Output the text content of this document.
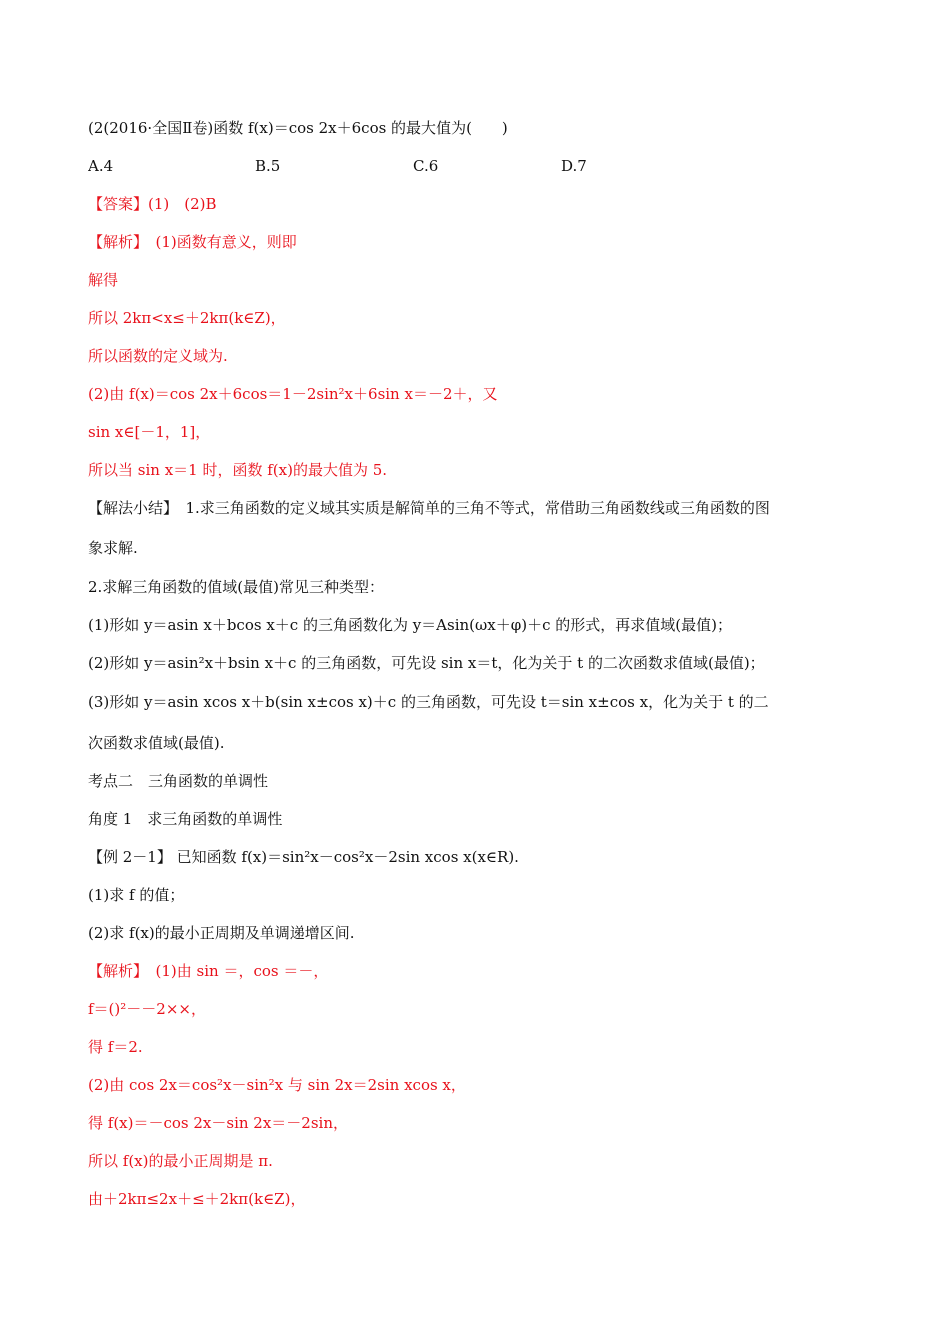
(2(2016·全国Ⅱ卷)函数 f(x)＝cos 2x＋6cos 的最大值为(　　)
A.4	B.5	C.6	D.7
【答案】(1)　(2)B
【解析】　(1)函数有意义，则即
解得
所以 2kπ<x≤＋2kπ(k∈Z)，
所以函数的定义域为.
(2)由 f(x)＝cos 2x＋6cos＝1－2sin²x＋6sin x＝－2＋，又
sin x∈[－1，1]，
所以当 sin x＝1 时，函数 f(x)的最大值为 5.
【解法小结】　1.求三角函数的定义域其实质是解简单的三角不等式，常借助三角函数线或三角函数的图
象求解.
2.求解三角函数的值域(最值)常见三种类型：
(1)形如 y＝asin x＋bcos x＋c 的三角函数化为 y＝Asin(ωx＋φ)＋c 的形式，再求值域(最值)；
(2)形如 y＝asin²x＋bsin x＋c 的三角函数，可先设 sin x＝t，化为关于 t 的二次函数求值域(最值)；
(3)形如 y＝asin xcos x＋b(sin x±cos x)＋c 的三角函数，可先设 t＝sin x±cos x，化为关于 t 的二
次函数求值域(最值).
考点二　三角函数的单调性
角度 1　求三角函数的单调性
【例 2－1】 已知函数 f(x)＝sin²x－cos²x－2sin xcos x(x∈R).
(1)求 f 的值；
(2)求 f(x)的最小正周期及单调递增区间.
【解析】　(1)由 sin ＝，cos ＝－，
f＝()²－－2××，
得 f＝2.
(2)由 cos 2x＝cos²x－sin²x 与 sin 2x＝2sin xcos x，
得 f(x)＝－cos 2x－sin 2x＝－2sin，
所以 f(x)的最小正周期是 π.
由＋2kπ≤2x＋≤＋2kπ(k∈Z)，
